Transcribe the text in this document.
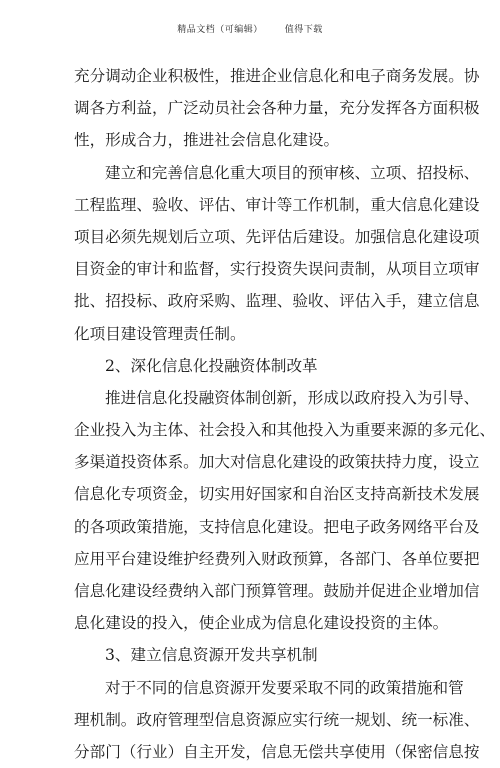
精品文档（可编辑） 值得下载
充分调动企业积极性，推进企业信息化和电子商务发展。协
调各方利益，广泛动员社会各种力量，充分发挥各方面积极
性，形成合力，推进社会信息化建设。
建立和完善信息化重大项目的预审核、立项、招投标、
工程监理、验收、评估、审计等工作机制，重大信息化建设
项目必须先规划后立项、先评估后建设。加强信息化建设项
目资金的审计和监督，实行投资失误问责制，从项目立项审
批、招投标、政府采购、监理、验收、评估入手，建立信息
化项目建设管理责任制。
2、深化信息化投融资体制改革
推进信息化投融资体制创新，形成以政府投入为引导、
企业投入为主体、社会投入和其他投入为重要来源的多元化、
多渠道投资体系。加大对信息化建设的政策扶持力度，设立
信息化专项资金，切实用好国家和自治区支持高新技术发展
的各项政策措施，支持信息化建设。把电子政务网络平台及
应用平台建设维护经费列入财政预算，各部门、各单位要把
信息化建设经费纳入部门预算管理。鼓励并促进企业增加信
息化建设的投入，使企业成为信息化建设投资的主体。
3、建立信息资源开发共享机制
对于不同的信息资源开发要采取不同的政策措施和管
理机制。政府管理型信息资源应实行统一规划、统一标准、
分部门（行业）自主开发，信息无偿共享使用（保密信息按
